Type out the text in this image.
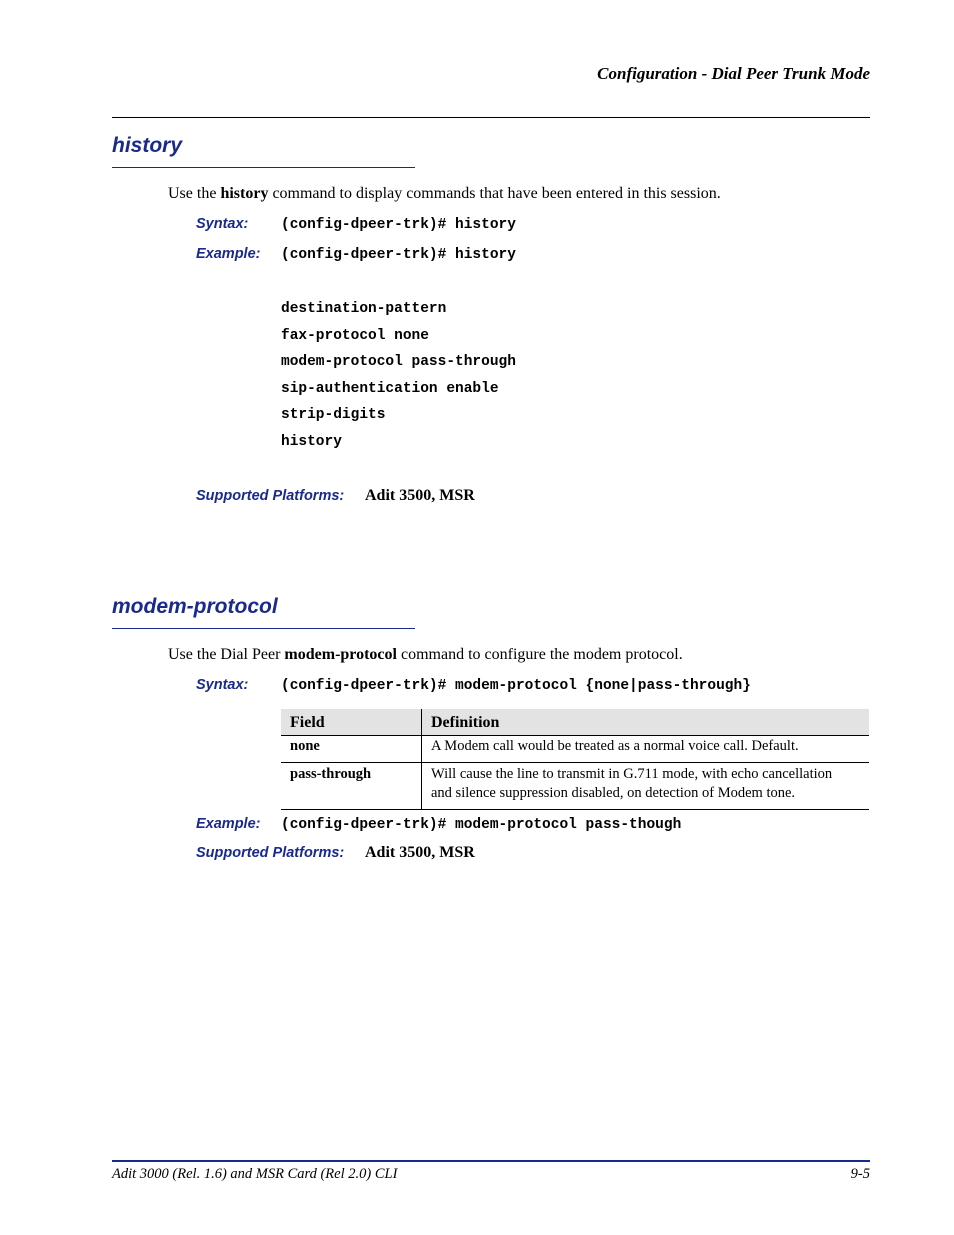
Configuration - Dial Peer Trunk Mode
history
Use the history command to display commands that have been entered in this session.
Syntax: (config-dpeer-trk)# history
Example: (config-dpeer-trk)# history
destination-pattern
fax-protocol none
modem-protocol pass-through
sip-authentication enable
strip-digits
history
Supported Platforms: Adit 3500, MSR
modem-protocol
Use the Dial Peer modem-protocol command to configure the modem protocol.
Syntax: (config-dpeer-trk)# modem-protocol {none|pass-through}
Field	Definition
none	A Modem call would be treated as a normal voice call. Default.
pass-through	Will cause the line to transmit in G.711 mode, with echo cancellation
and silence suppression disabled, on detection of Modem tone.
Example: (config-dpeer-trk)# modem-protocol pass-though
Supported Platforms: Adit 3500, MSR
Adit 3000 (Rel. 1.6) and MSR Card (Rel 2.0) CLI	9-5
